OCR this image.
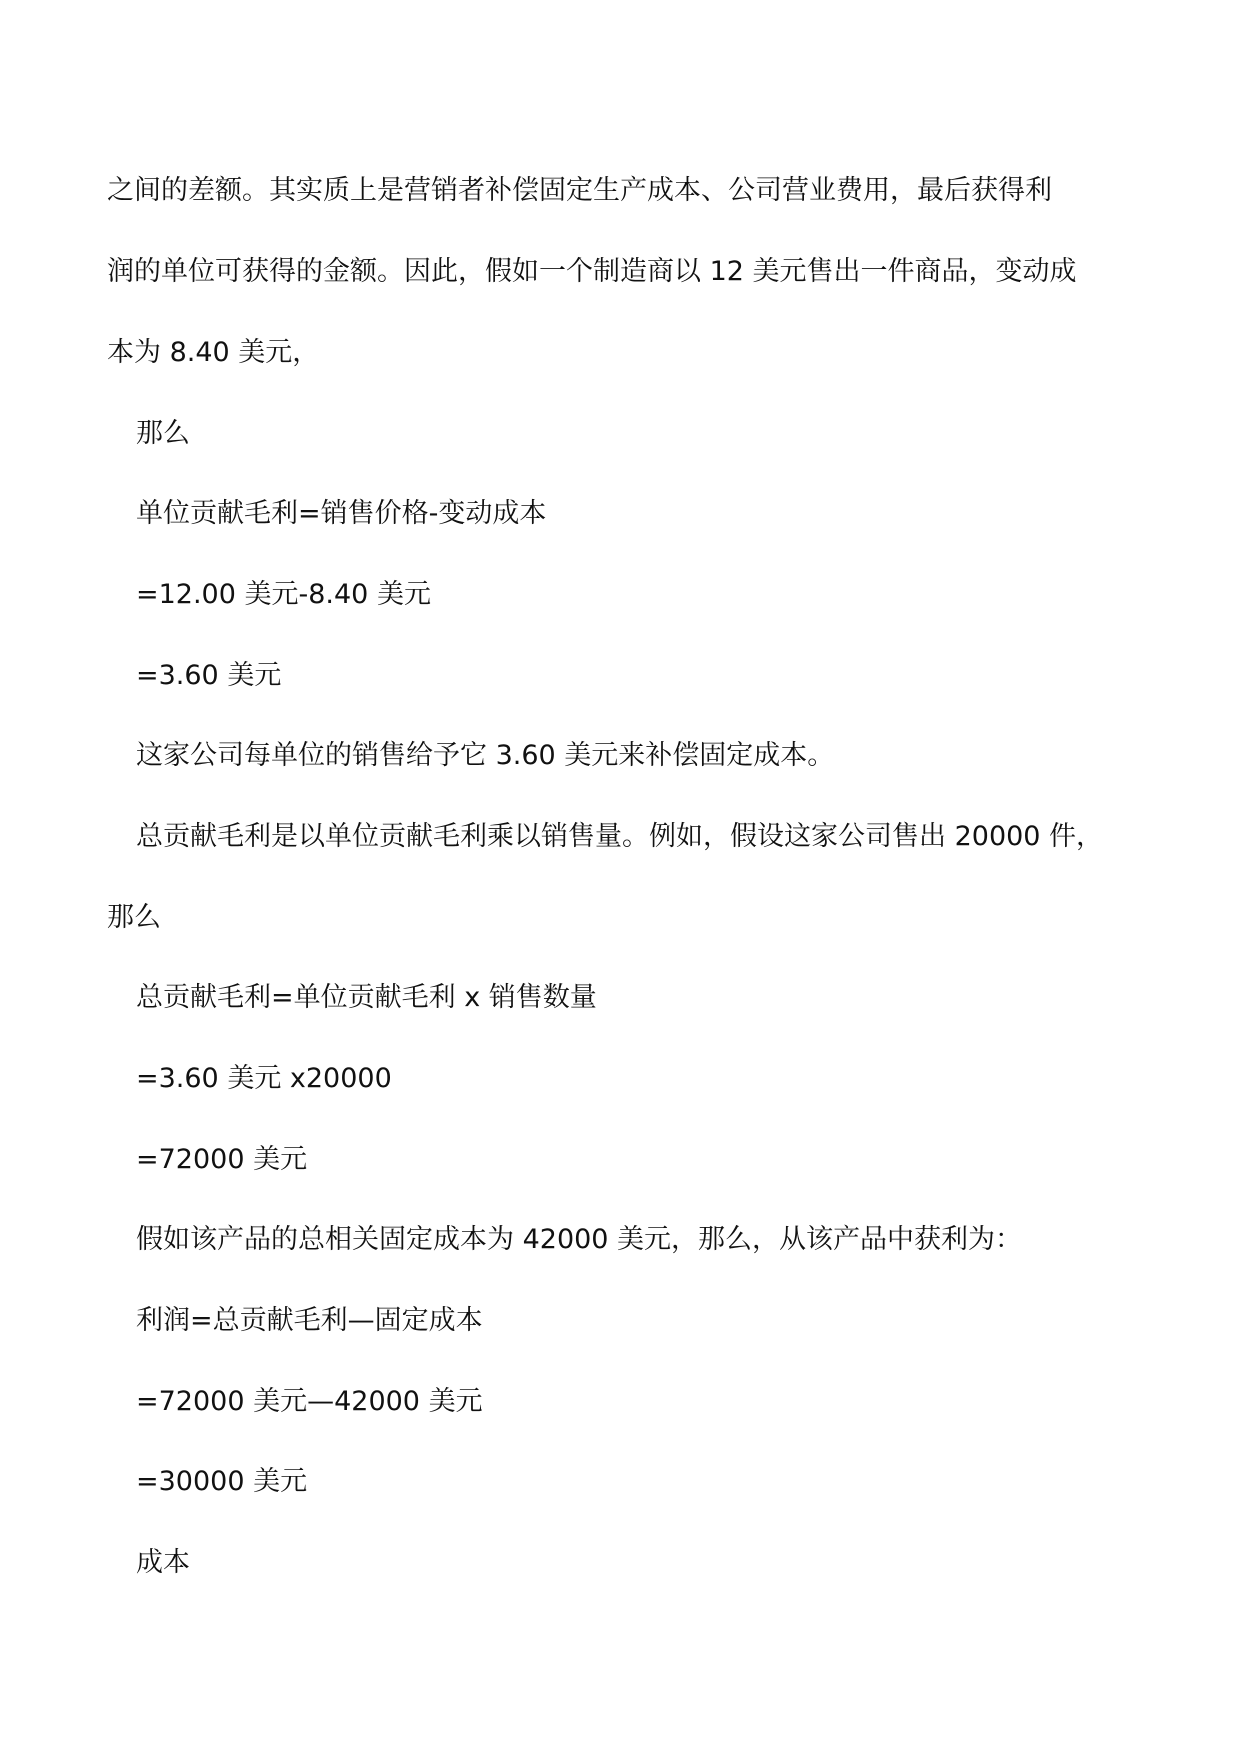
之间的差额。其实质上是营销者补偿固定生产成本、公司营业费用，最后获得利
润的单位可获得的金额。因此，假如一个制造商以 12 美元售出一件商品，变动成
本为 8.40 美元，
那么
单位贡献毛利=销售价格-变动成本
=12.00 美元-8.40 美元
=3.60 美元
这家公司每单位的销售给予它 3.60 美元来补偿固定成本。
总贡献毛利是以单位贡献毛利乘以销售量。例如，假设这家公司售出 20000 件，
那么
总贡献毛利=单位贡献毛利 x 销售数量
=3.60 美元 x20000
=72000 美元
假如该产品的总相关固定成本为 42000 美元，那么，从该产品中获利为：
利润=总贡献毛利—固定成本
=72000 美元—42000 美元
=30000 美元
成本
